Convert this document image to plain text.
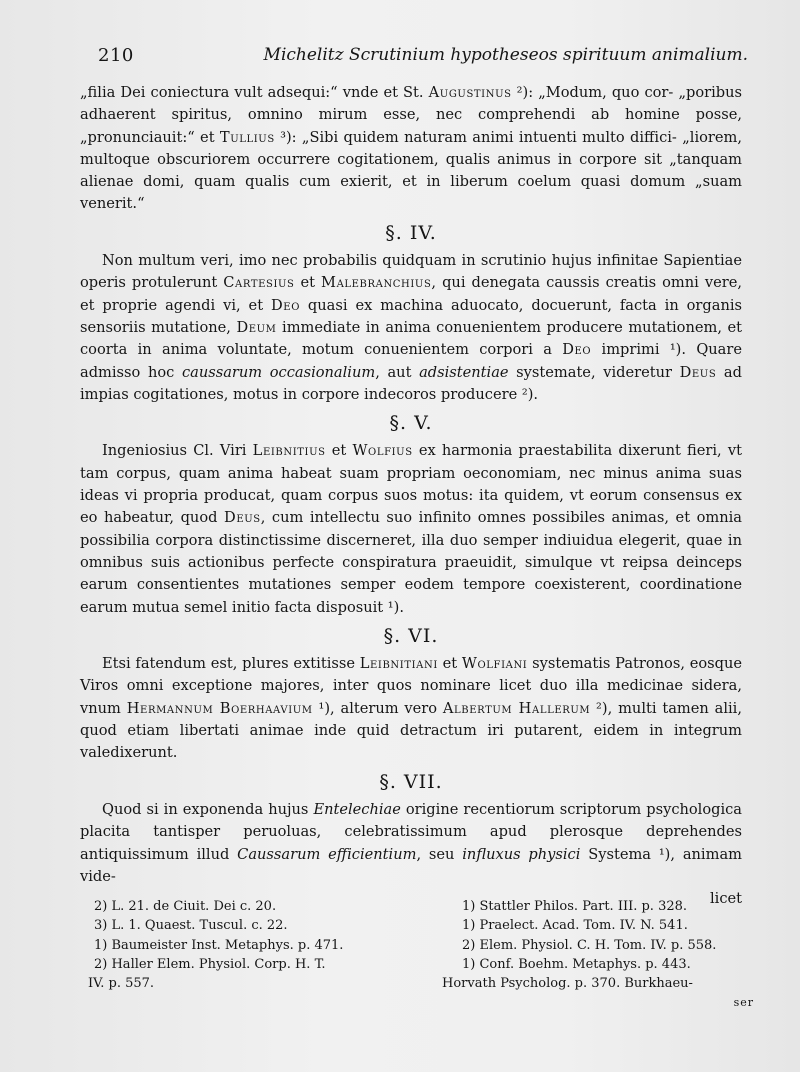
210	Michelitz Scrutinium hypotheseos spirituum animalium.

„filia Dei coniectura vult adsequi:“ vnde et St. Augustinus ²): „Modum, quo cor- „poribus adhaerent spiritus, omnino mirum esse, nec comprehendi ab homine posse, „pronunciauit:“ et Tullius ³): „Sibi quidem naturam animi intuenti multo diffici- „liorem, multoque obscuriorem occurrere cogitationem, qualis animus in corpore sit „tanquam alienae domi, quam qualis cum exierit, et in liberum coelum quasi domum „suam venerit.“

§. IV.

Non multum veri, imo nec probabilis quidquam in scrutinio hujus infinitae Sapientiae operis protulerunt Cartesius et Malebranchius, qui denegata caussis creatis omni vere, et proprie agendi vi, et Deo quasi ex machina aduocato, docuerunt, facta in organis sensoriis mutatione, Deum immediate in anima conuenientem producere mutationem, et coorta in anima voluntate, motum conuenientem corpori a Deo imprimi ¹). Quare admisso hoc caussarum occasionalium, aut adsistentiae systemate, videretur Deus ad impias cogitationes, motus in corpore indecoros producere ²).

§. V.

Ingeniosius Cl. Viri Leibnitius et Wolfius ex harmonia praestabilita dixerunt fieri, vt tam corpus, quam anima habeat suam propriam oeconomiam, nec minus anima suas ideas vi propria producat, quam corpus suos motus: ita quidem, vt eorum consensus ex eo habeatur, quod Deus, cum intellectu suo infinito omnes possibiles animas, et omnia possibilia corpora distinctissime discerneret, illa duo semper indiuidua elegerit, quae in omnibus suis actionibus perfecte conspiratura praeuidit, simulque vt reipsa deinceps earum consentientes mutationes semper eodem tempore coexisterent, coordinatione earum mutua semel initio facta disposuit ¹).

§. VI.

Etsi fatendum est, plures extitisse Leibnitiani et Wolfiani systematis Patronos, eosque Viros omni exceptione majores, inter quos nominare licet duo illa medicinae sidera, vnum Hermannum Boerhaavium ¹), alterum vero Albertum Hallerum ²), multi tamen alii, quod etiam libertati animae inde quid detractum iri putarent, eidem in integrum valedixerunt.

§. VII.

Quod si in exponenda hujus Entelechiae origine recentiorum scriptorum psychologica placita tantisper peruoluas, celebratissimum apud plerosque deprehendes antiquissimum illud Caussarum efficientium, seu influxus physici Systema ¹), animam vide-

licet

2) L. 21. de Ciuit. Dei c. 20.

3) L. 1. Quaest. Tuscul. c. 22.

1) Baumeister Inst. Metaphys. p. 471.

2) Haller Elem. Physiol. Corp. H. T.

IV. p. 557.

1) Stattler Philos. Part. III. p. 328.

1) Praelect. Acad. Tom. IV. N. 541.

2) Elem. Physiol. C. H. Tom. IV. p. 558.

1) Conf. Boehm. Metaphys. p. 443.

Horvath Psycholog. p. 370. Burkhaeu-

ser
